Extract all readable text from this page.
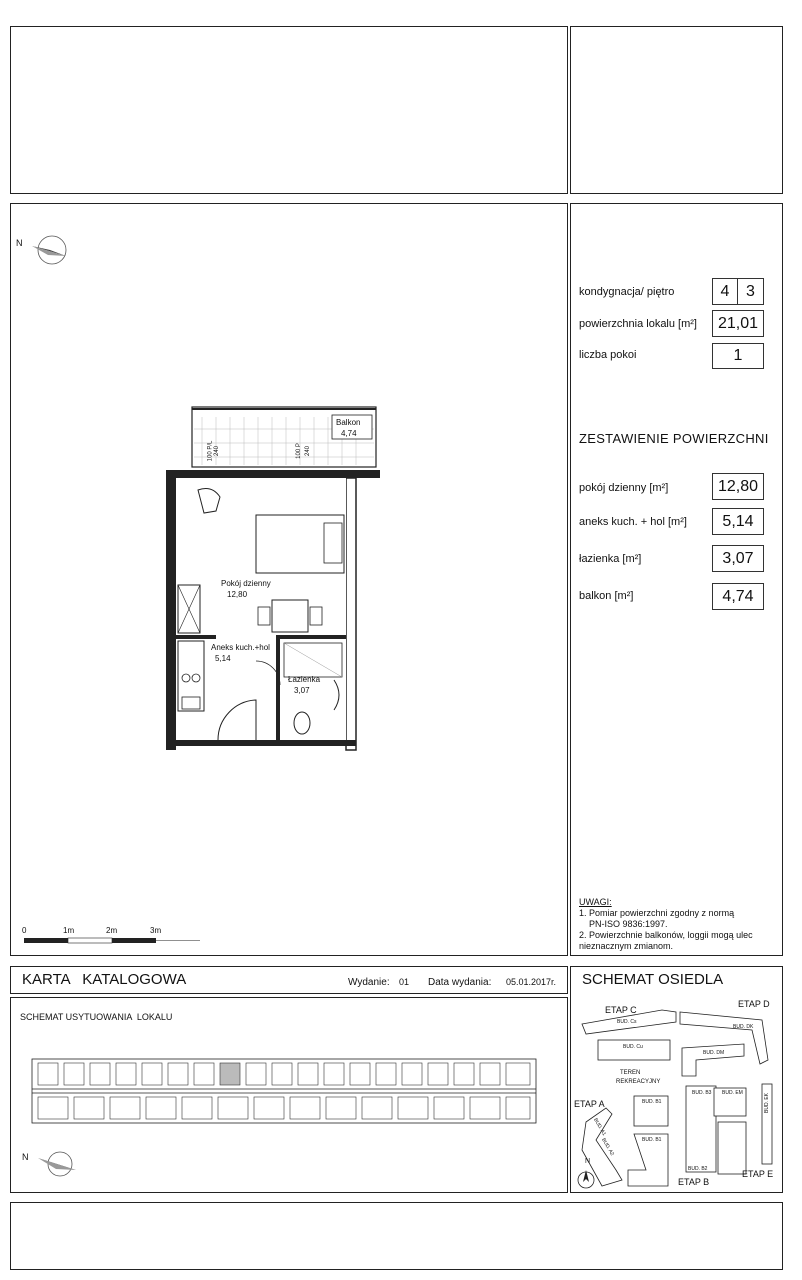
kondygnacja/ piętro	4	3
powierzchnia lokalu [m²]	21,01
liczba pokoi	1
ZESTAWIENIE POWIERZCHNI
pokój dzienny [m²]	12,80
aneks kuch. + hol [m²]	5,14
łazienka [m²]	3,07
balkon [m²]	4,74
UWAGI:
1. Pomiar powierzchni zgodny z normą
PN-ISO 9836:1997.
2. Powierzchnie balkonów, loggii mogą ulec
nieznacznym zmianom.
N
Balkon
4,74
Pokój dzienny
12,80
Aneks kuch.+hol
5,14
Łazienka
3,07
100 P/L 240	100 P 240
0	1m	2m	3m
KARTA   KATALOGOWA	Wydanie: 01 Data wydania: 05.01.2017r.
SCHEMAT USYTUOWANIA  LOKALU
N
SCHEMAT OSIEDLA
ETAP C
ETAP D
ETAP A
ETAP B
ETAP E
BUD. Cs
BUD. Cu
BUD. DK
BUD. DM
BUD. B3 BUD. EM	BUD. EK
BUD. B1
BUD. B1
BUD. B2
BUD. A1
BUD. A2
TEREN
REKREACYJNY
N
